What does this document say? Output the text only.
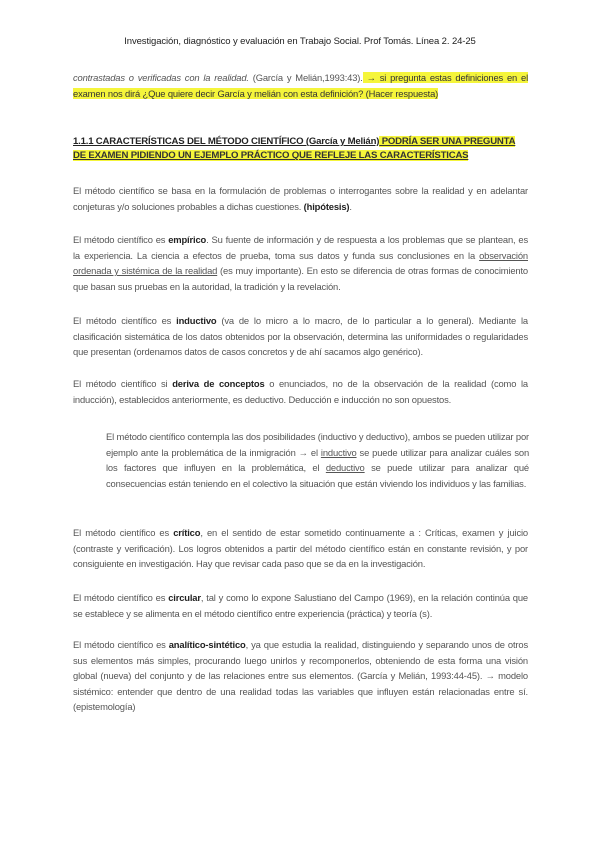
Investigación, diagnóstico y evaluación en Trabajo Social. Prof Tomás. Línea 2. 24-25
contrastadas o verificadas con la realidad. (García y Melián,1993:43). → si pregunta estas definiciones en el examen nos dirá ¿Que quiere decir García y melián con esta definición? (Hacer respuesta)
1.1.1 CARACTERÍSTICAS DEL MÉTODO CIENTÍFICO (García y Melián) PODRÍA SER UNA PREGUNTA DE EXAMEN PIDIENDO UN EJEMPLO PRÁCTICO QUE REFLEJE LAS CARACTERÍSTICAS
El método científico se basa en la formulación de problemas o interrogantes sobre la realidad y en adelantar conjeturas y/o soluciones probables a dichas cuestiones. (hipótesis).
El método científico es empírico. Su fuente de información y de respuesta a los problemas que se plantean, es la experiencia. La ciencia a efectos de prueba, toma sus datos y funda sus conclusiones en la observación ordenada y sistémica de la realidad (es muy importante). En esto se diferencia de otras formas de conocimiento que basan sus pruebas en la autoridad, la tradición y la revelación.
El método científico es inductivo (va de lo micro a lo macro, de lo particular a lo general). Mediante la clasificación sistemática de los datos obtenidos por la observación, determina las uniformidades o regularidades que presentan (ordenamos datos de casos concretos y de ahí sacamos algo genérico).
El método científico si deriva de conceptos o enunciados, no de la observación de la realidad (como la inducción), establecidos anteriormente, es deductivo. Deducción e inducción no son opuestos.
El método científico contempla las dos posibilidades (inductivo y deductivo), ambos se pueden utilizar por ejemplo ante la problemática de la inmigración → el inductivo se puede utilizar para analizar cuáles son los factores que influyen en la problemática, el deductivo se puede utilizar para analizar qué consecuencias están teniendo en el colectivo la situación que están viviendo los individuos y las familias.
El método científico es crítico, en el sentido de estar sometido continuamente a : Críticas, examen y juicio (contraste y verificación). Los logros obtenidos a partir del método científico están en constante revisión, y por consiguiente en investigación. Hay que revisar cada paso que se da en la investigación.
El método científico es circular, tal y como lo expone Salustiano del Campo (1969), en la relación continúa que se establece y se alimenta en el método científico entre experiencia (práctica) y teoría (s).
El método científico es analítico-sintético, ya que estudia la realidad, distinguiendo y separando unos de otros sus elementos más simples, procurando luego unirlos y recomponerlos, obteniendo de esta forma una visión global (nueva) del conjunto y de las relaciones entre sus elementos. (García y Melián, 1993:44-45). → modelo sistémico: entender que dentro de una realidad todas las variables que influyen están relacionadas entre sí. (epistemología)
